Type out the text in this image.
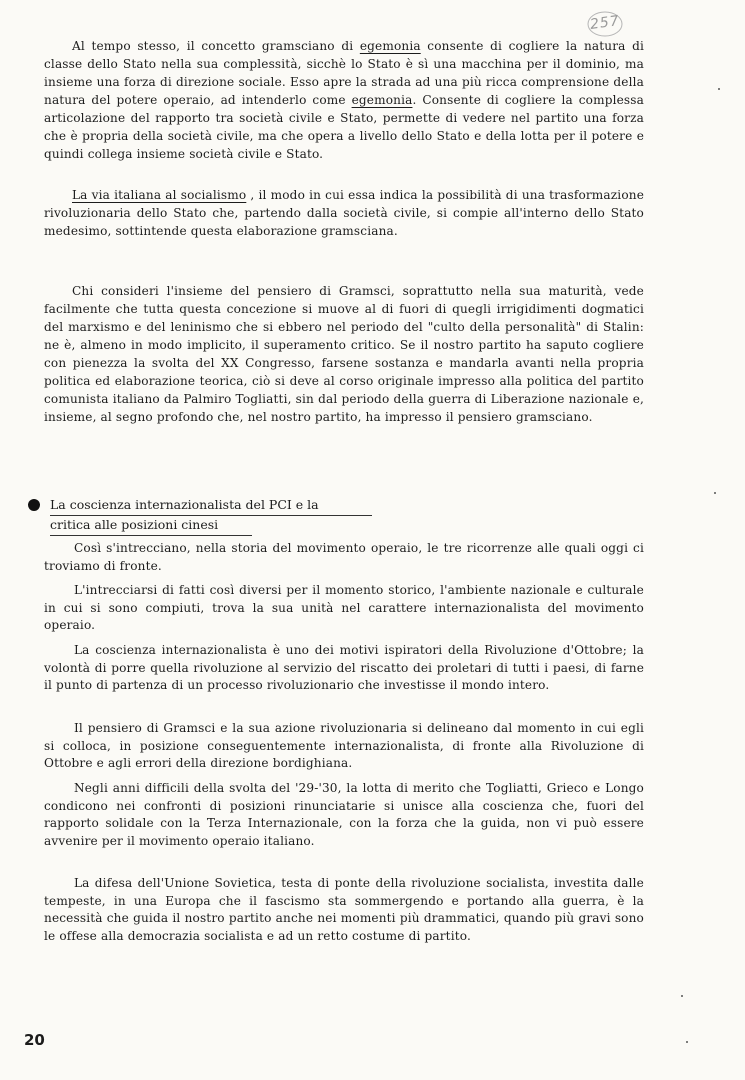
257

Al tempo stesso, il concetto gramsciano di egemonia consente di cogliere la natura di classe dello Stato nella sua complessità, sicchè lo Stato è sì una macchina per il dominio, ma insieme una forza di direzione sociale. Esso apre la strada ad una più ricca comprensione della natura del potere operaio, ad intenderlo come egemonia. Consente di cogliere la complessa articolazione del rapporto tra società civile e Stato, permette di vedere nel partito una forza che è propria della società civile, ma che opera a livello dello Stato e della lotta per il potere e quindi collega insieme società civile e Stato.

La via italiana al socialismo , il modo in cui essa indica la possibilità di una trasformazione rivoluzionaria dello Stato che, partendo dalla società civile, si compie all'interno dello Stato medesimo, sottintende questa elaborazione gramsciana.

Chi consideri l'insieme del pensiero di Gramsci, soprattutto nella sua maturità, vede facilmente che tutta questa concezione si muove al di fuori di quegli irrigidimenti dogmatici del marxismo e del leninismo che si ebbero nel periodo del "culto della personalità" di Stalin: ne è, almeno in modo implicito, il superamento critico. Se il nostro partito ha saputo cogliere con pienezza la svolta del XX Congresso, farsene sostanza e mandarla avanti nella propria politica ed elaborazione teorica, ciò si deve al corso originale impresso alla politica del partito comunista italiano da Palmiro Togliatti, sin dal periodo della guerra di Liberazione nazionale e, insieme, al segno profondo che, nel nostro partito, ha impresso il pensiero gramsciano.

La coscienza internazionalista del PCI e la
critica alle posizioni cinesi

Così s'intrecciano, nella storia del movimento operaio, le tre ricorrenze alle quali oggi ci troviamo di fronte.

L'intrecciarsi di fatti così diversi per il momento storico, l'ambiente nazionale e culturale in cui si sono compiuti, trova la sua unità nel carattere internazionalista del movimento operaio.

La coscienza internazionalista è uno dei motivi ispiratori della Rivoluzione d'Ottobre; la volontà di porre quella rivoluzione al servizio del riscatto dei proletari di tutti i paesi, di farne il punto di partenza di un processo rivoluzionario che investisse il mondo intero.

Il pensiero di Gramsci e la sua azione rivoluzionaria si delineano dal momento in cui egli si colloca, in posizione conseguentemente internazionalista, di fronte alla Rivoluzione di Ottobre e agli errori della direzione bordighiana.

Negli anni difficili della svolta del '29-'30, la lotta di merito che Togliatti, Grieco e Longo condicono nei confronti di posizioni rinunciatarie si unisce alla coscienza che, fuori del rapporto solidale con la Terza Internazionale, con la forza che la guida, non vi può essere avvenire per il movimento operaio italiano.

La difesa dell'Unione Sovietica, testa di ponte della rivoluzione socialista, investita dalle tempeste, in una Europa che il fascismo sta sommergendo e portando alla guerra, è la necessità che guida il nostro partito anche nei momenti più drammatici, quando più gravi sono le offese alla democrazia socialista e ad un retto costume di partito.

20
